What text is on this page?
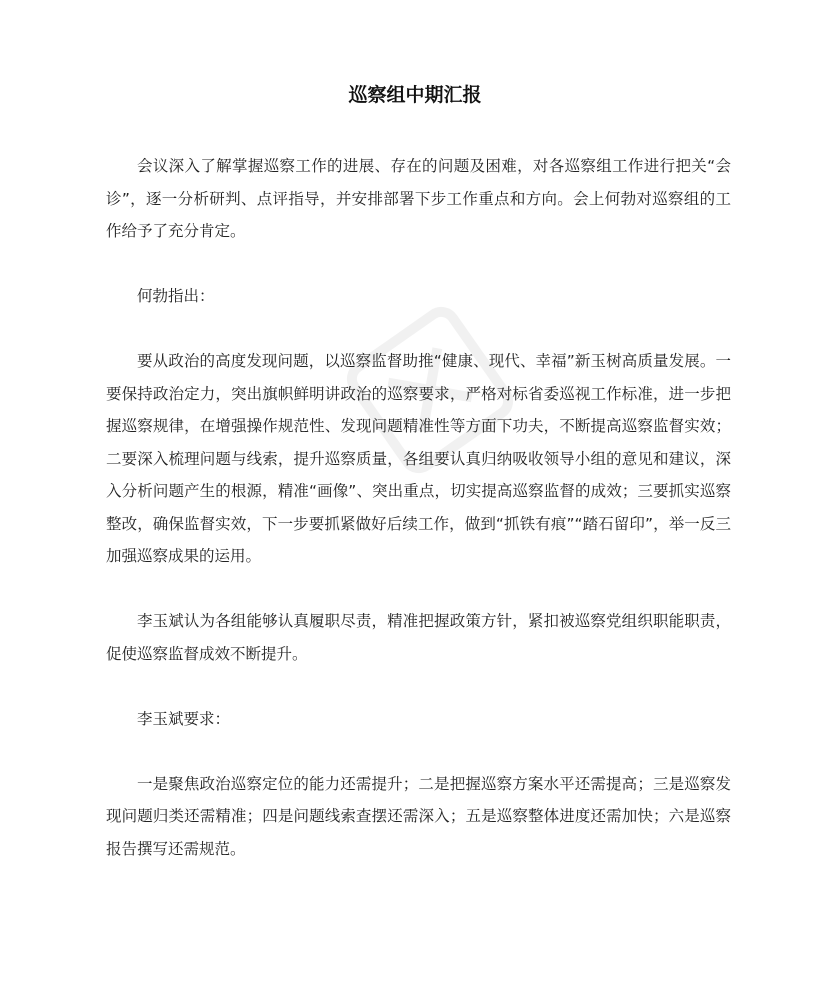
巡察组中期汇报

会议深入了解掌握巡察工作的进展、存在的问题及困难，对各巡察组工作进行把关“会诊”，逐一分析研判、点评指导，并安排部署下步工作重点和方向。会上何勃对巡察组的工作给予了充分肯定。

何勃指出：

要从政治的高度发现问题，以巡察监督助推“健康、现代、幸福”新玉树高质量发展。一要保持政治定力，突出旗帜鲜明讲政治的巡察要求，严格对标省委巡视工作标准，进一步把握巡察规律，在增强操作规范性、发现问题精准性等方面下功夫，不断提高巡察监督实效；二要深入梳理问题与线索，提升巡察质量，各组要认真归纳吸收领导小组的意见和建议，深入分析问题产生的根源，精准“画像”、突出重点，切实提高巡察监督的成效；三要抓实巡察整改，确保监督实效，下一步要抓紧做好后续工作，做到“抓铁有痕”“踏石留印”，举一反三加强巡察成果的运用。

李玉斌认为各组能够认真履职尽责，精准把握政策方针，紧扣被巡察党组织职能职责，促使巡察监督成效不断提升。

李玉斌要求：

一是聚焦政治巡察定位的能力还需提升；二是把握巡察方案水平还需提高；三是巡察发现问题归类还需精准；四是问题线索查摆还需深入；五是巡察整体进度还需加快；六是巡察报告撰写还需规范。
